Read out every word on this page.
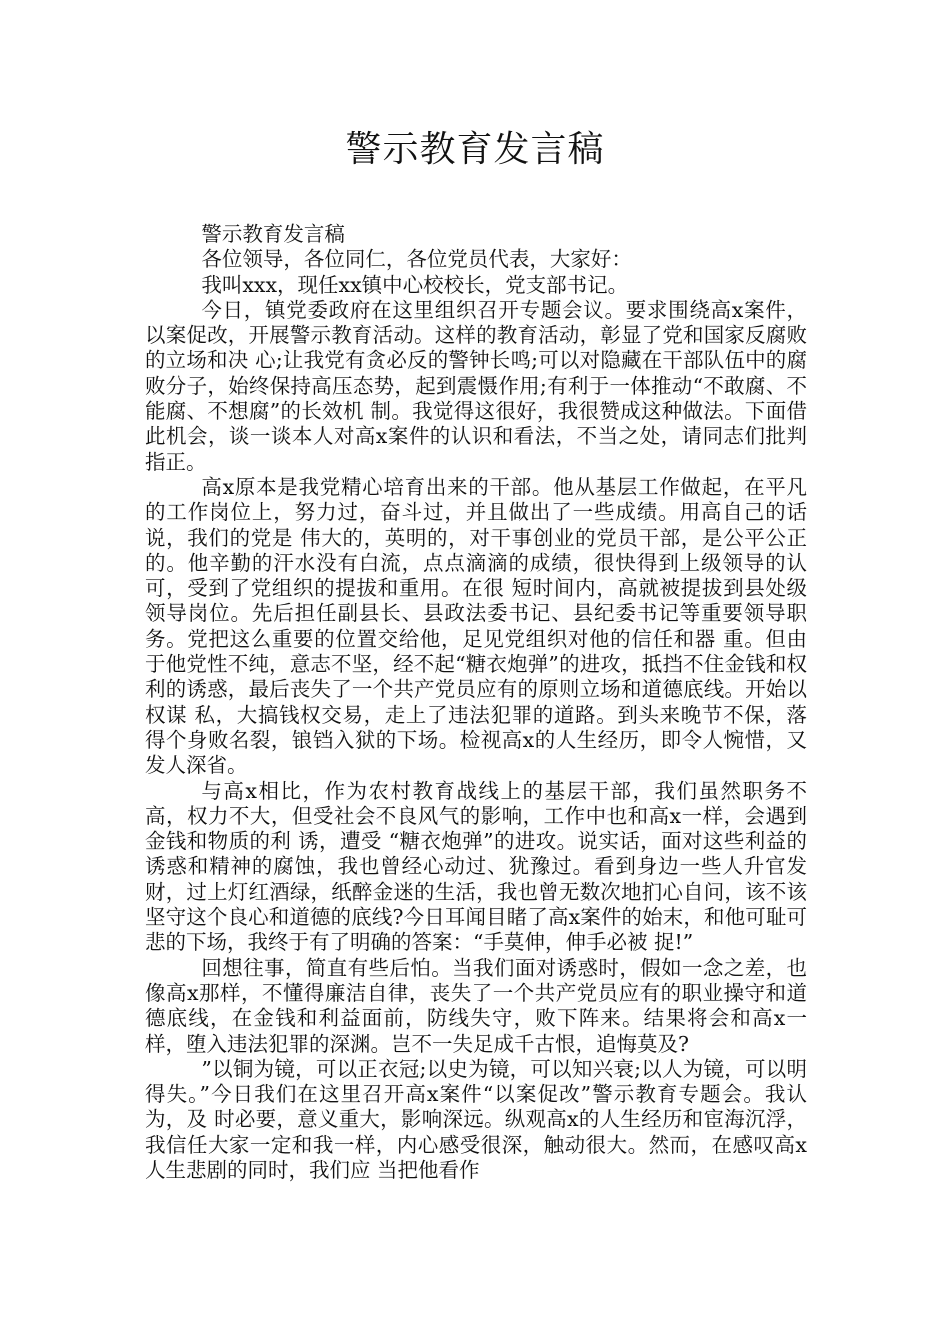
警示教育发言稿

警示教育发言稿

各位领导，各位同仁，各位党员代表，大家好：

我叫xxx，现任xx镇中心校校长，党支部书记。

今日，镇党委政府在这里组织召开专题会议。要求围绕高x案件，以案促改，开展警示教育活动。这样的教育活动，彰显了党和国家反腐败的立场和决 心;让我党有贪必反的警钟长鸣;可以对隐藏在干部队伍中的腐败分子，始终保持高压态势，起到震慑作用;有利于一体推动“不敢腐、不能腐、不想腐”的长效机 制。我觉得这很好，我很赞成这种做法。下面借此机会，谈一谈本人对高x案件的认识和看法，不当之处，请同志们批判指正。

高x原本是我党精心培育出来的干部。他从基层工作做起，在平凡的工作岗位上，努力过，奋斗过，并且做出了一些成绩。用高自己的话说，我们的党是 伟大的，英明的，对干事创业的党员干部，是公平公正的。他辛勤的汗水没有白流，点点滴滴的成绩，很快得到上级领导的认可，受到了党组织的提拔和重用。在很 短时间内，高就被提拔到县处级领导岗位。先后担任副县长、县政法委书记、县纪委书记等重要领导职务。党把这么重要的位置交给他，足见党组织对他的信任和器 重。但由于他党性不纯，意志不坚，经不起“糖衣炮弹”的进攻，抵挡不住金钱和权利的诱惑，最后丧失了一个共产党员应有的原则立场和道德底线。开始以权谋 私，大搞钱权交易，走上了违法犯罪的道路。到头来晚节不保，落得个身败名裂，锒铛入狱的下场。检视高x的人生经历，即令人惋惜，又发人深省。

与高x相比，作为农村教育战线上的基层干部，我们虽然职务不高，权力不大，但受社会不良风气的影响，工作中也和高x一样，会遇到金钱和物质的利 诱，遭受 “糖衣炮弹”的进攻。说实话，面对这些利益的诱惑和精神的腐蚀，我也曾经心动过、犹豫过。看到身边一些人升官发财，过上灯红酒绿，纸醉金迷的生活，我也曾无数次地扪心自问，该不该坚守这个良心和道德的底线?今日耳闻目睹了高x案件的始末，和他可耻可悲的下场，我终于有了明确的答案：“手莫伸，伸手必被 捉!”

回想往事，简直有些后怕。当我们面对诱惑时，假如一念之差，也像高x那样，不懂得廉洁自律，丧失了一个共产党员应有的职业操守和道德底线，在金钱和利益面前，防线失守，败下阵来。结果将会和高x一样，堕入违法犯罪的深渊。岂不一失足成千古恨，追悔莫及?

”以铜为镜，可以正衣冠;以史为镜，可以知兴衰;以人为镜，可以明得失。”今日我们在这里召开高x案件“以案促改”警示教育专题会。我认为，及 时必要，意义重大，影响深远。纵观高x的人生经历和宦海沉浮，我信任大家一定和我一样，内心感受很深，触动很大。然而，在感叹高x人生悲剧的同时，我们应 当把他看作
